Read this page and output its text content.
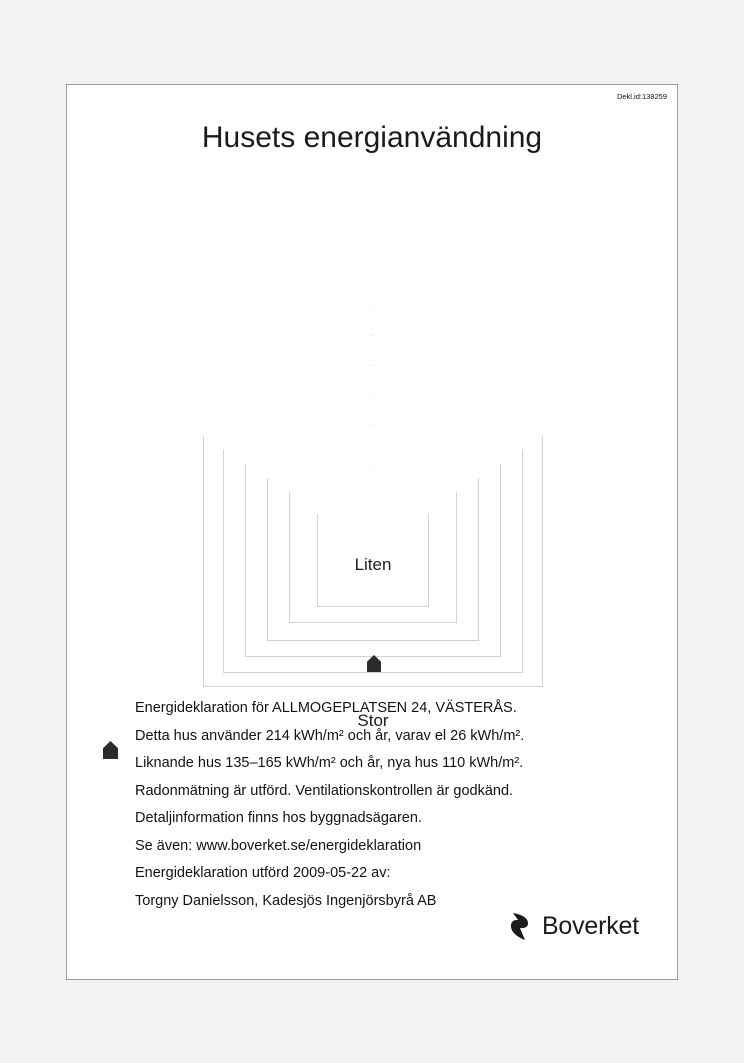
Dekl.id:138259
Husets energianvändning
Liten
Stor
Energideklaration för ALLMOGEPLATSEN 24, VÄSTERÅS.
Detta hus använder 214 kWh/m² och år, varav el 26 kWh/m².
Liknande hus 135–165 kWh/m² och år, nya hus 110 kWh/m².
Radonmätning är utförd. Ventilationskontrollen är godkänd.
Detaljinformation finns hos byggnadsägaren.
Se även: www.boverket.se/energideklaration
Energideklaration utförd 2009-05-22 av:
Torgny Danielsson, Kadesjös Ingenjörsbyrå AB
Boverket
